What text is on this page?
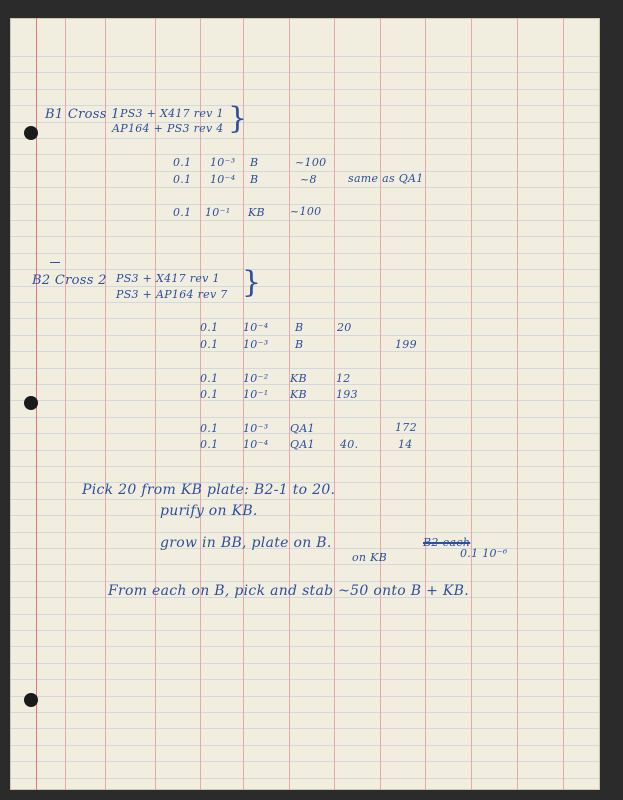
B1 Cross 1 PS3 + X417 rev 1
AP164 + PS3 rev 4 }
0.1 10⁻³ B	~100
0.1 10⁻⁴ B	~8	same as QA1
0.1 10⁻¹ KB ~100
B2 Cross 2 PS3 + X417 rev 1
PS3 + AP164 rev 7 }
0.1 10⁻⁴ B	20
0.1 10⁻³ B	199
0.1 10⁻² KB	12
0.1 10⁻¹ KB	193
0.1 10⁻³ QA1	172
0.1 10⁻⁴ QA1 40.	14
Pick 20 from KB plate: B2-1 to 20.
purify on KB.
grow in BB, plate on B.	B2-each
on KB	0.1 10⁻⁶
From each on B, pick and stab ~50 onto B + KB.
